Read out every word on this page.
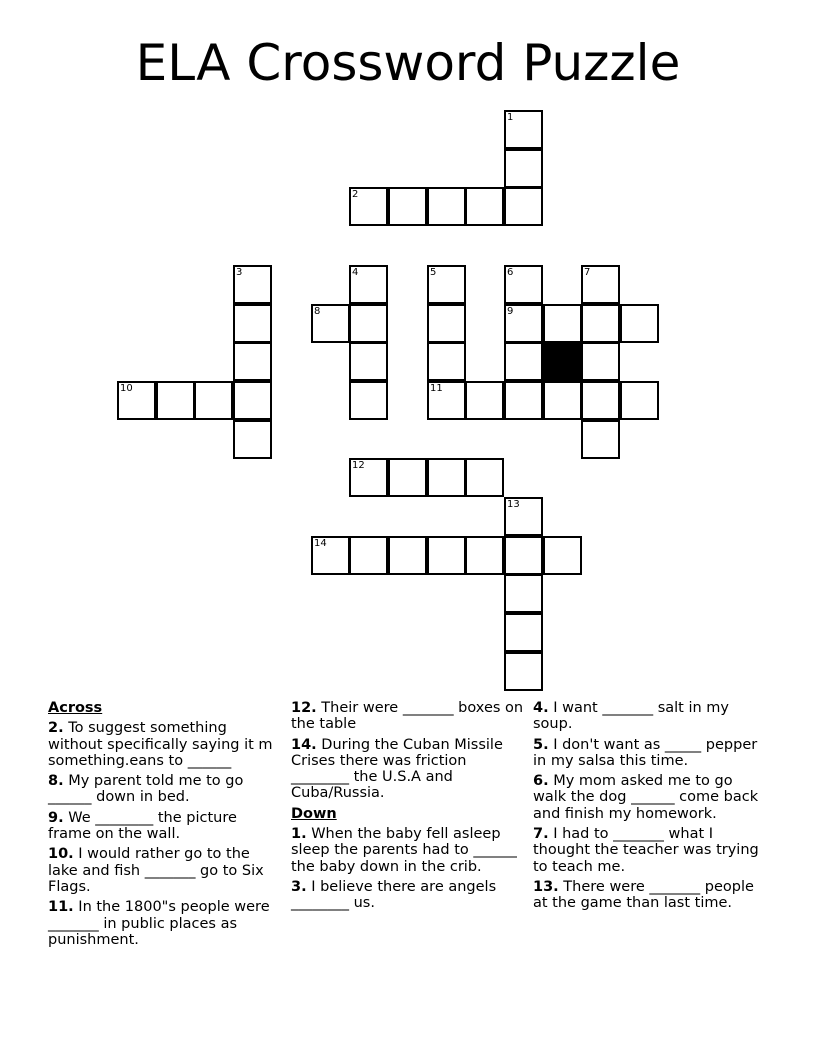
ELA Crossword Puzzle
1
2
3	4	5	6	7
8	9
10	11
12
13
14
Across
2. To suggest something without specifically saying it m something.eans to ______
8. My parent told me to go ______ down in bed.
9. We ________ the picture frame on the wall.
10. I would rather go to the lake and fish _______ go to Six Flags.
11. In the 1800"s people were _______ in public places as punishment.
12. Their were _______ boxes on the table
14. During the Cuban Missile Crises there was friction ________ the U.S.A and Cuba/Russia.
Down
1. When the baby fell asleep sleep the parents had to ______ the baby down in the crib.
3. I believe there are angels ________ us.
4. I want _______ salt in my soup.
5. I don't want as _____ pepper in my salsa this time.
6. My mom asked me to go walk the dog ______ come back and finish my homework.
7. I had to _______ what I thought the teacher was trying to teach me.
13. There were _______ people at the game than last time.
